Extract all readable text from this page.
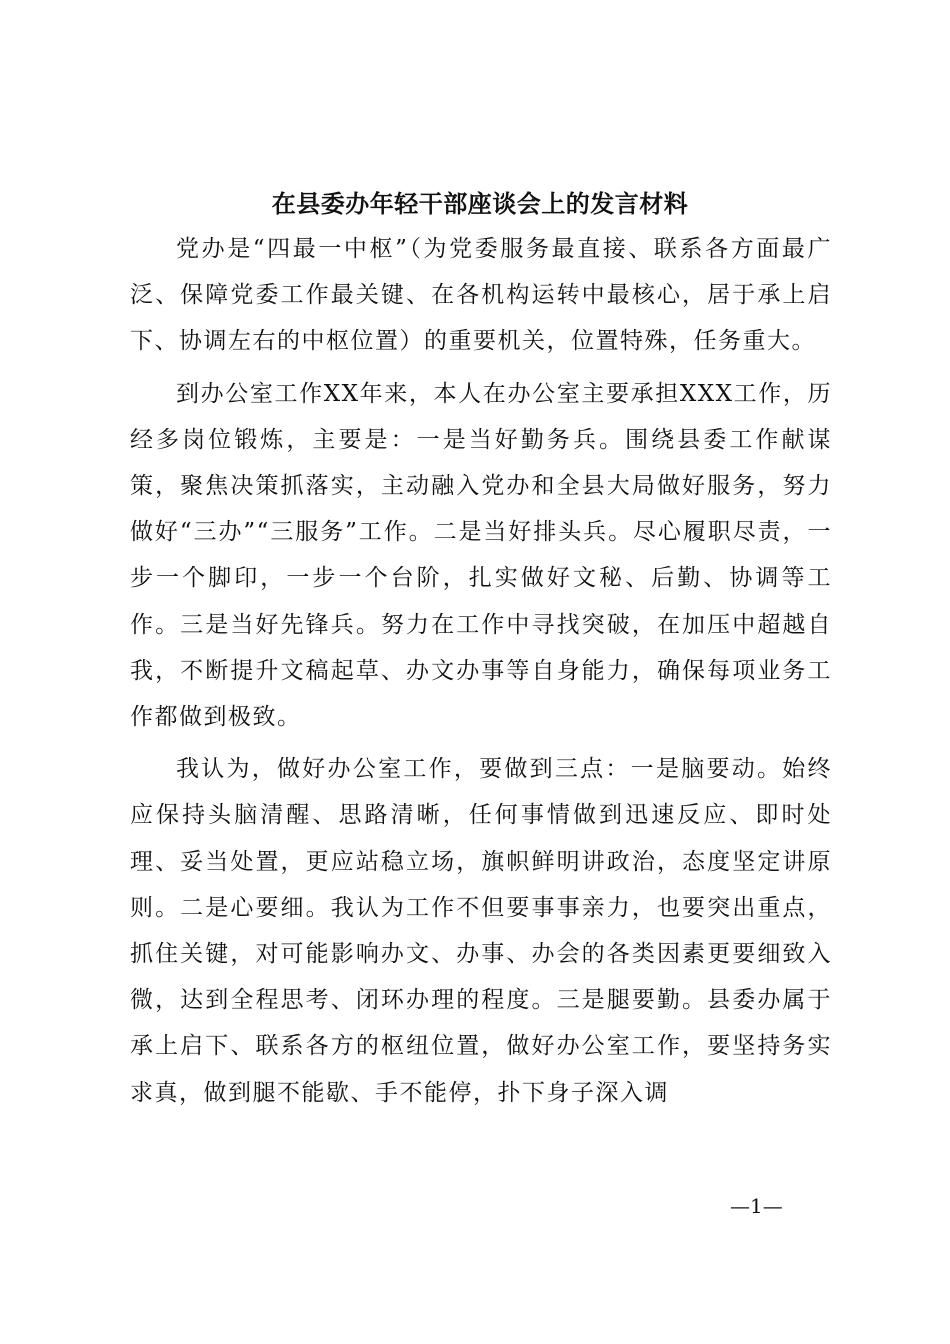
在县委办年轻干部座谈会上的发言材料

党办是“四最一中枢”（为党委服务最直接、联系各方面最广泛、保障党委工作最关键、在各机构运转中最核心，居于承上启下、协调左右的中枢位置）的重要机关，位置特殊，任务重大。

到办公室工作XX年来，本人在办公室主要承担XXX工作，历经多岗位锻炼，主要是：一是当好勤务兵。围绕县委工作献谋策，聚焦决策抓落实，主动融入党办和全县大局做好服务，努力做好“三办”“三服务”工作。二是当好排头兵。尽心履职尽责，一步一个脚印，一步一个台阶，扎实做好文秘、后勤、协调等工作。三是当好先锋兵。努力在工作中寻找突破，在加压中超越自我，不断提升文稿起草、办文办事等自身能力，确保每项业务工作都做到极致。

我认为，做好办公室工作，要做到三点：一是脑要动。始终应保持头脑清醒、思路清晰，任何事情做到迅速反应、即时处理、妥当处置，更应站稳立场，旗帜鲜明讲政治，态度坚定讲原则。二是心要细。我认为工作不但要事事亲力，也要突出重点，抓住关键，对可能影响办文、办事、办会的各类因素更要细致入微，达到全程思考、闭环办理的程度。三是腿要勤。县委办属于承上启下、联系各方的枢纽位置，做好办公室工作，要坚持务实求真，做到腿不能歇、手不能停，扑下身子深入调

—1—
